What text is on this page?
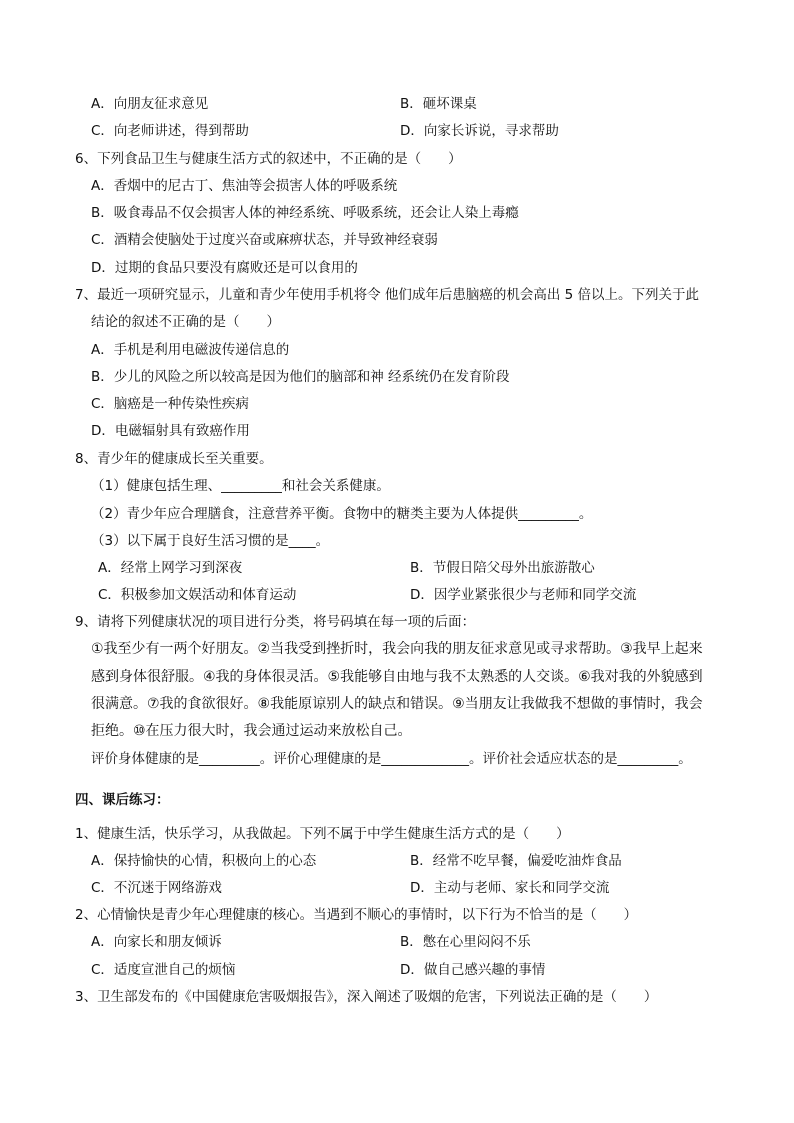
A．向朋友征求意见	B．砸坏课桌
C．向老师讲述，得到帮助	D．向家长诉说，寻求帮助
6、下列食品卫生与健康生活方式的叙述中，不正确的是（　　）
A．香烟中的尼古丁、焦油等会损害人体的呼吸系统
B．吸食毒品不仅会损害人体的神经系统、呼吸系统，还会让人染上毒瘾
C．酒精会使脑处于过度兴奋或麻痹状态，并导致神经衰弱
D．过期的食品只要没有腐败还是可以食用的
7、最近一项研究显示，儿童和青少年使用手机将令 他们成年后患脑癌的机会高出 5 倍以上。下列关于此
结论的叙述不正确的是（　　）
A．手机是利用电磁波传递信息的
B．少儿的风险之所以较高是因为他们的脑部和神 经系统仍在发育阶段
C．脑癌是一种传染性疾病
D．电磁辐射具有致癌作用
8、青少年的健康成长至关重要。
（1）健康包括生理、_________和社会关系健康。
（2）青少年应合理膳食，注意营养平衡。食物中的糖类主要为人体提供_________。
（3）以下属于良好生活习惯的是____。
A．经常上网学习到深夜	B．节假日陪父母外出旅游散心
C．积极参加文娱活动和体育运动	D．因学业紧张很少与老师和同学交流
9、请将下列健康状况的项目进行分类，将号码填在每一项的后面：
①我至少有一两个好朋友。②当我受到挫折时，我会向我的朋友征求意见或寻求帮助。③我早上起来
感到身体很舒服。④我的身体很灵活。⑤我能够自由地与我不太熟悉的人交谈。⑥我对我的外貌感到
很满意。⑦我的食欲很好。⑧我能原谅别人的缺点和错误。⑨当朋友让我做我不想做的事情时，我会
拒绝。⑩在压力很大时，我会通过运动来放松自己。
评价身体健康的是_________。评价心理健康的是_____________。评价社会适应状态的是_________。
四、课后练习：
1、健康生活，快乐学习，从我做起。下列不属于中学生健康生活方式的是（　　）
A．保持愉快的心情，积极向上的心态	B．经常不吃早餐，偏爱吃油炸食品
C．不沉迷于网络游戏	D．主动与老师、家长和同学交流
2、心情愉快是青少年心理健康的核心。当遇到不顺心的事情时，以下行为不恰当的是（　　）
A．向家长和朋友倾诉	B．憋在心里闷闷不乐
C．适度宣泄自己的烦恼	D．做自己感兴趣的事情
3、卫生部发布的《中国健康危害吸烟报告》，深入阐述了吸烟的危害，下列说法正确的是（　　）
